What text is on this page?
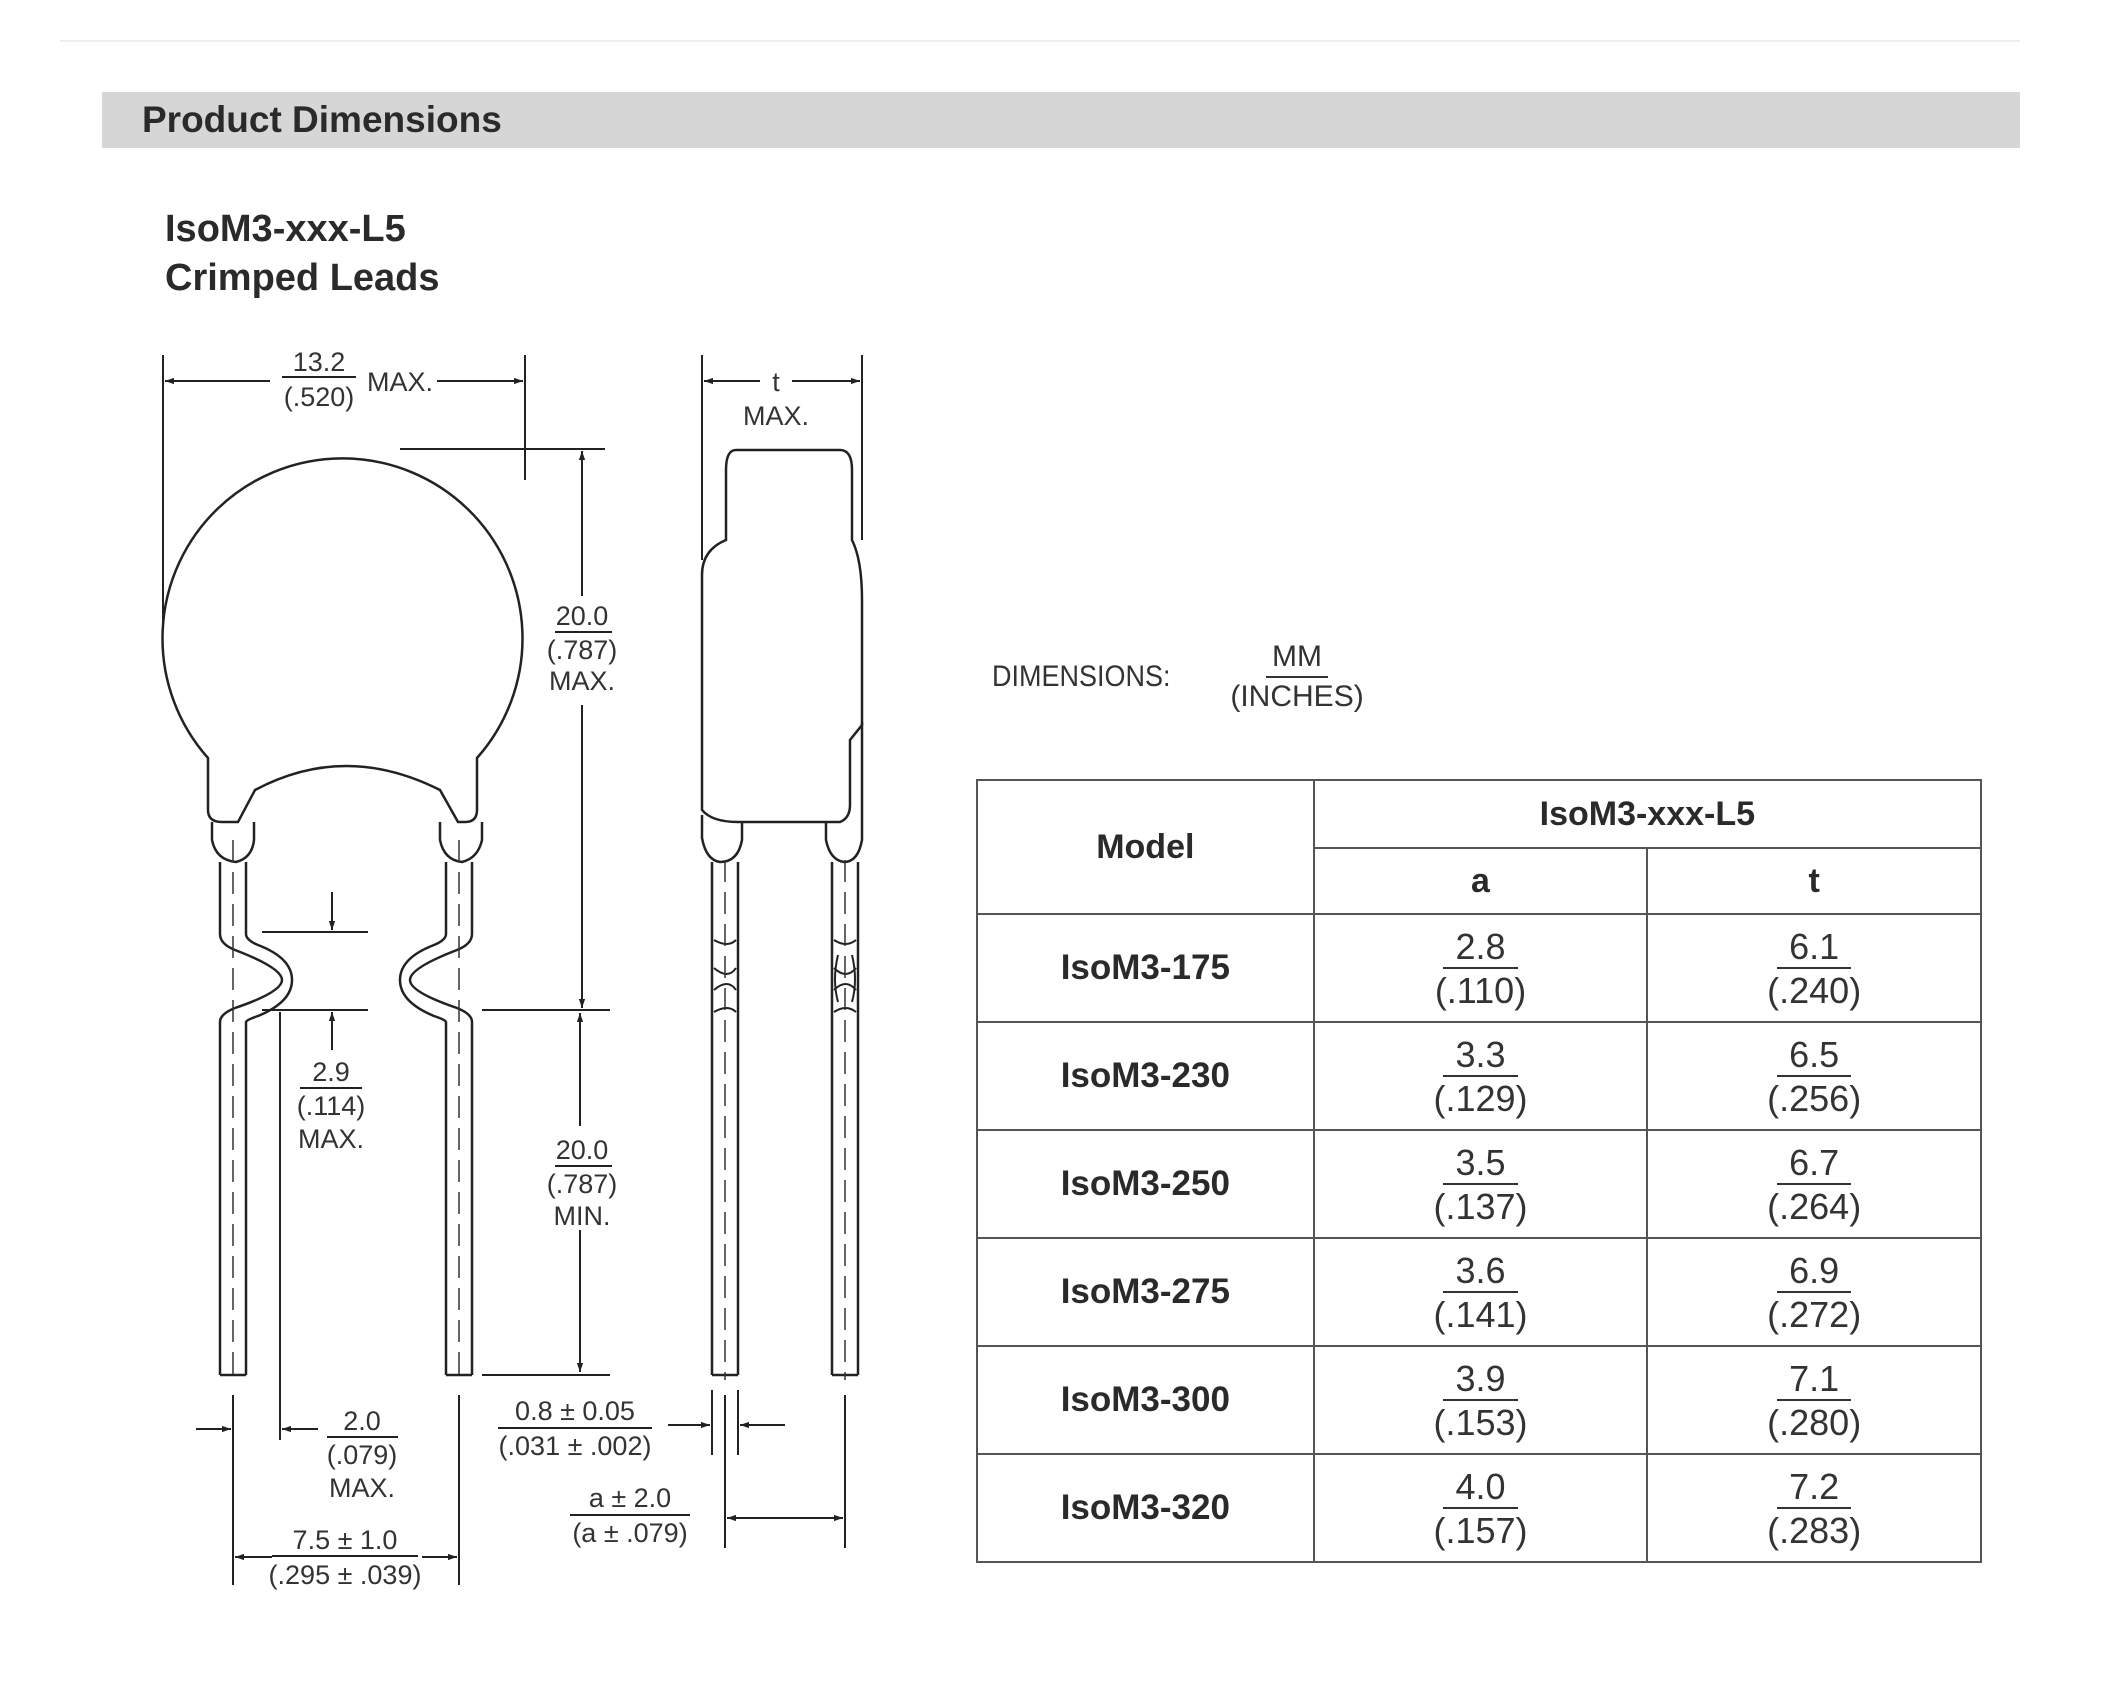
Product Dimensions
IsoM3-xxx-L5
Crimped Leads
13.2
(.520) MAX.	t
MAX.
20.0
(.787)
MAX.
2.9
(.114)
MAX.	20.0
(.787)
MIN.
2.0
(.079)
MAX.
0.8 ± 0.05
(.031 ± .002)
7.5 ± 1.0
(.295 ± .039)
a ± 2.0
(a ± .079)
DIMENSIONS: $\frac{MM}{\text{(INCHES)}}$
Model	IsoM3-xxx-L5	
	a	t
IsoM3-175	$\frac{2.8}{(.110)}$	$\frac{6.1}{(.240)}$

IsoM3-230	$\frac{3.3}{(.129)}$	$\frac{6.5}{(.256)}$

IsoM3-250	$\frac{3.5}{(.137)}$	$\frac{6.7}{(.264)}$

IsoM3-275	$\frac{3.6}{(.141)}$	$\frac{6.9}{(.272)}$

IsoM3-300	$\frac{3.9}{(.153)}$	$\frac{7.1}{(.280)}$

IsoM3-320	$\frac{4.0}{(.157)}$	$\frac{7.2}{(.283)}$
